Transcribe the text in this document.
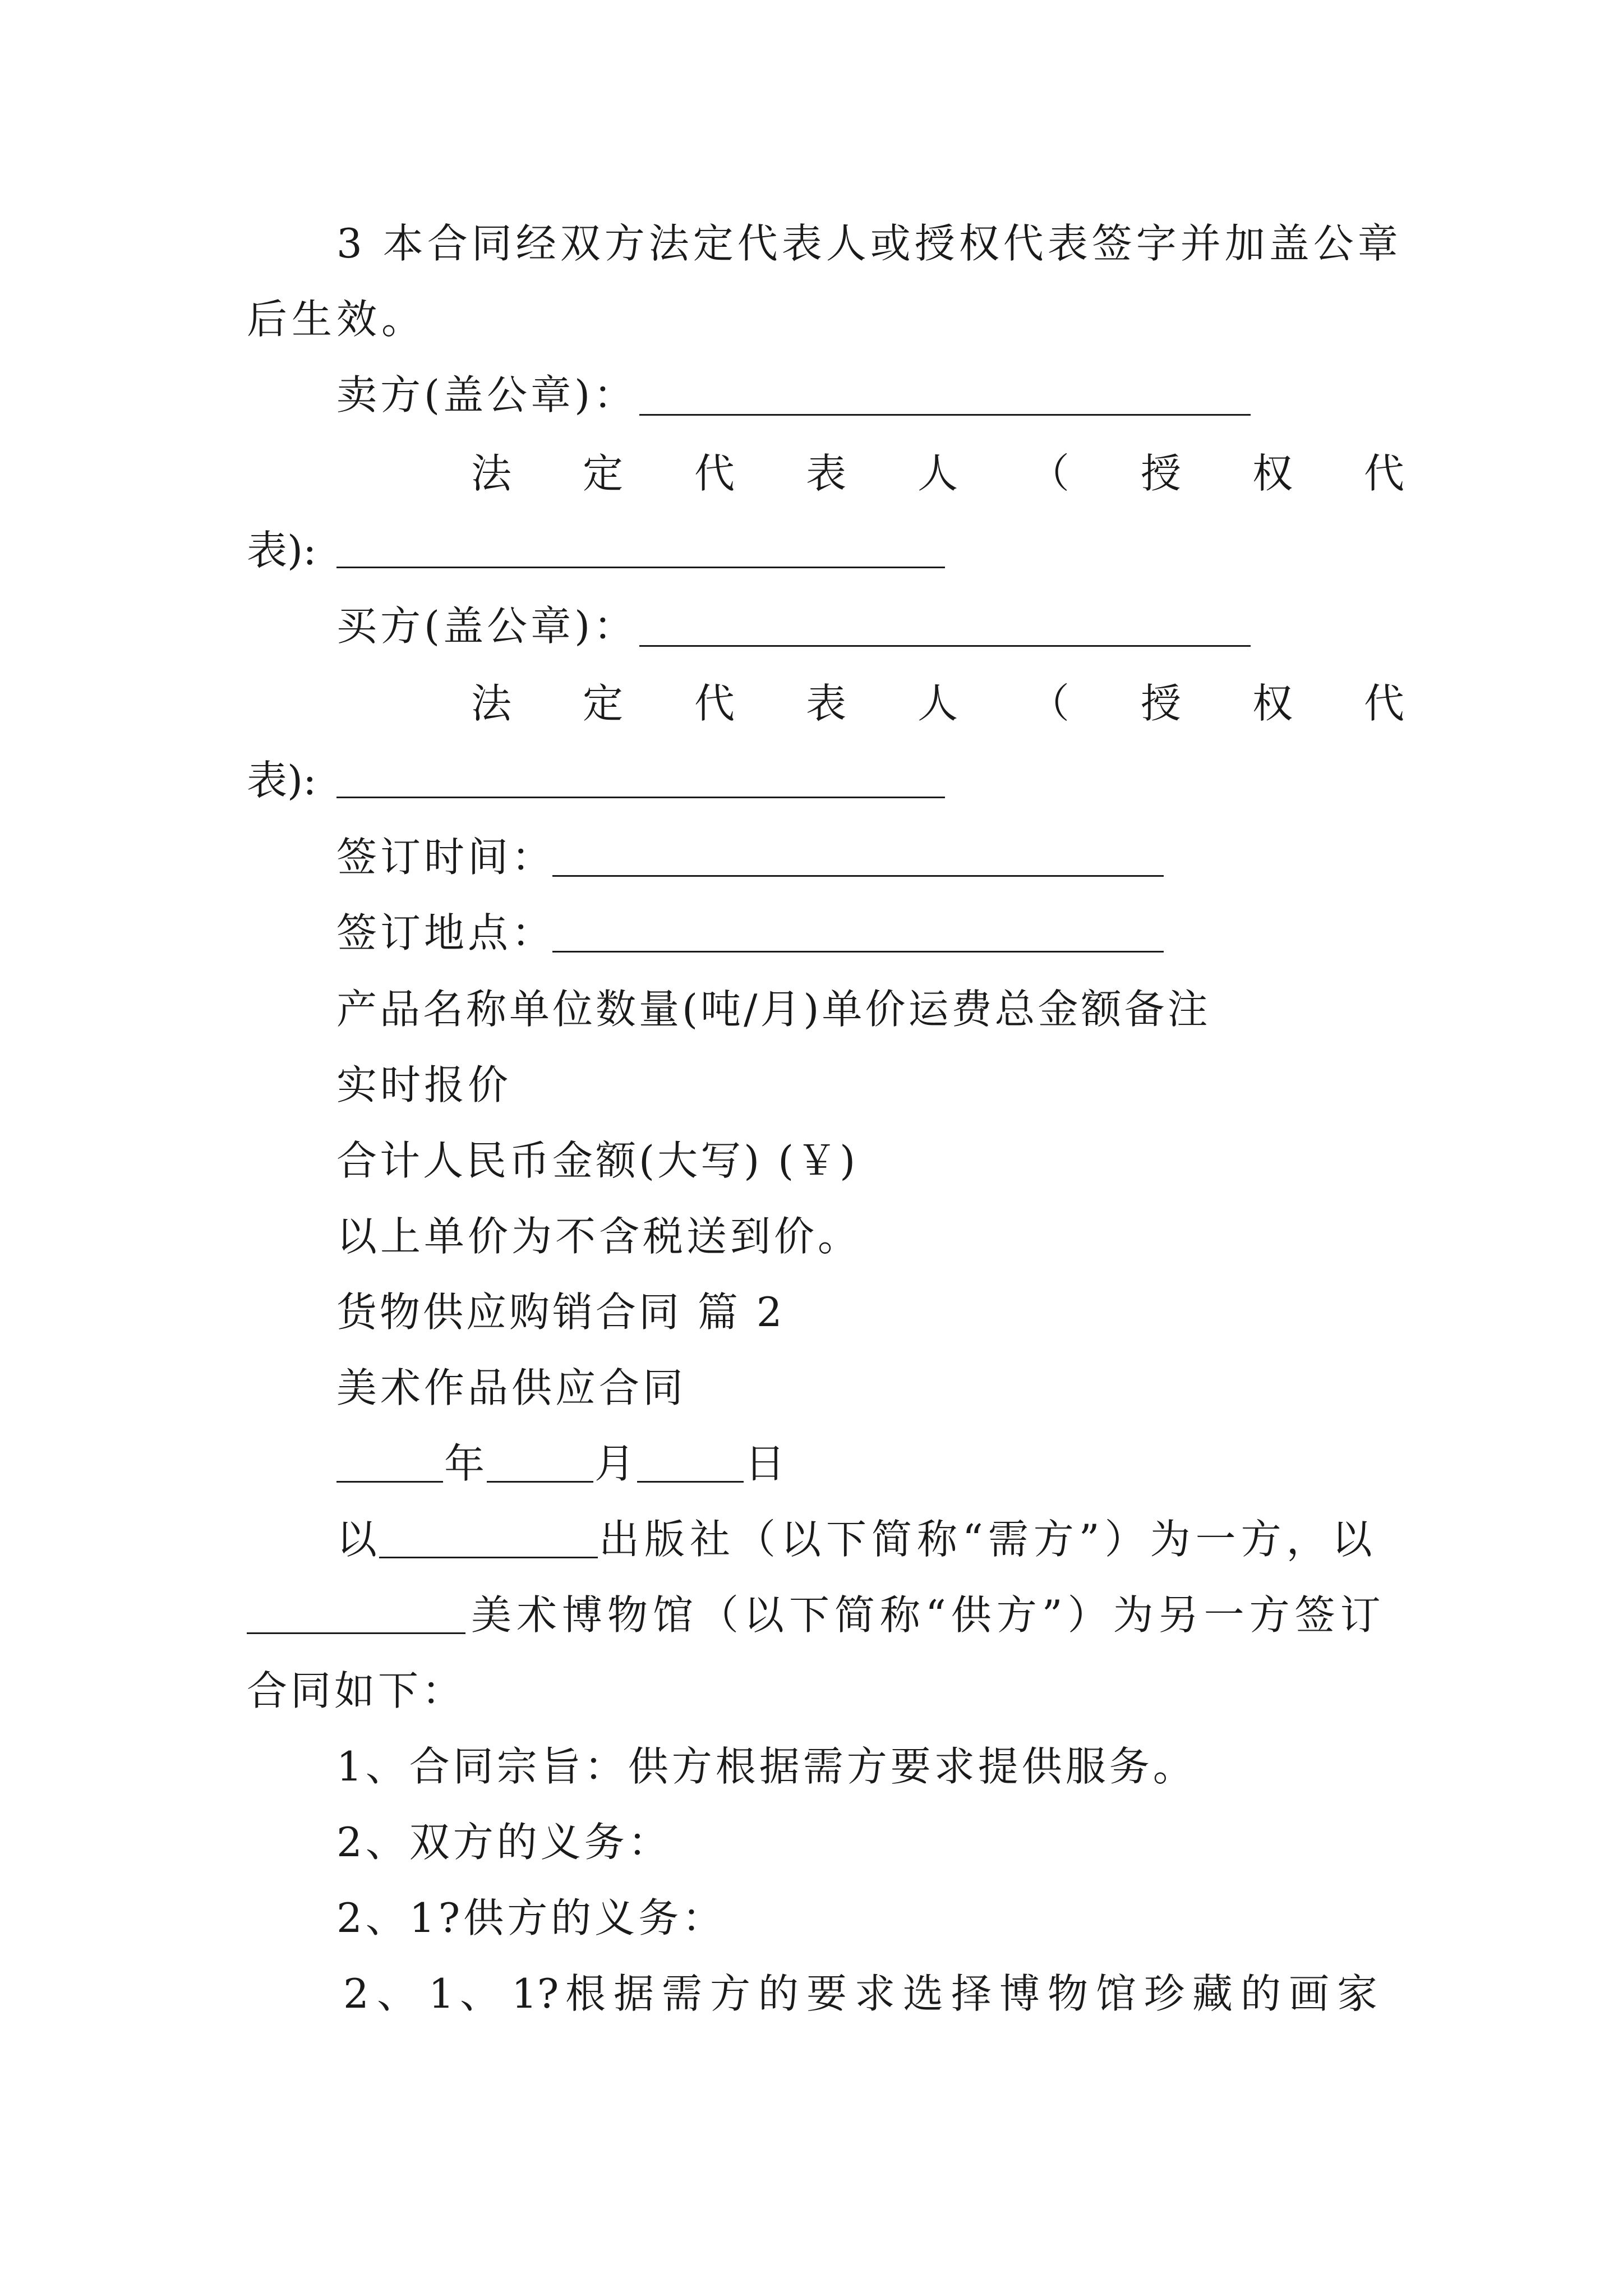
3 本合同经双方法定代表人或授权代表签字并加盖公章
后生效。
卖方(盖公章)：
法 定 代 表 人 （ 授 权 代
表):
买方(盖公章)：
法 定 代 表 人 （ 授 权 代
表):
签订时间：
签订地点：
产品名称单位数量(吨/月)单价运费总金额备注
实时报价
合计人民币金额(大写) (￥)
以上单价为不含税送到价。
货物供应购销合同 篇 2
美术作品供应合同
年	月	日
以	出版社（以下简称“需方”）为一方，以
美术博物馆（以下简称“供方”）为另一方签订
合同如下：
1、合同宗旨：供方根据需方要求提供服务。
2、双方的义务：
2、1?供方的义务：
2 、 1 、 1? 根 据 需 方 的 要 求 选 择 博 物 馆 珍 藏 的 画 家
